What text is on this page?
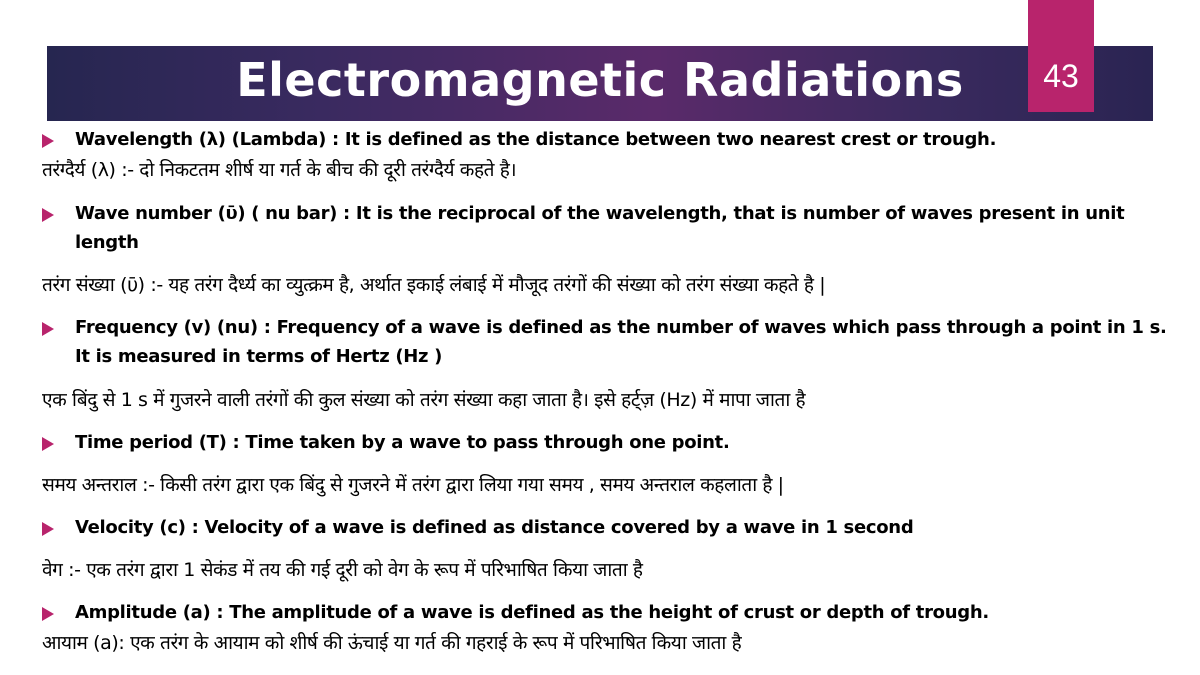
Electromagnetic Radiations	43
Wavelength (λ) (Lambda) : It is defined as the distance between two nearest crest or trough.
तरंग्दैर्य (λ) :- दो निकटतम शीर्ष या गर्त के बीच की दूरी तरंग्दैर्य कहते है।
Wave number (ῡ) ( nu bar) : It is the reciprocal of the wavelength, that is number of waves present in unit length
तरंग संख्या (ῡ) :- यह तरंग दैर्ध्य का व्युत्क्रम है, अर्थात इकाई लंबाई में मौजूद तरंगों की संख्या को तरंग संख्या कहते है |
Frequency (v) (nu) : Frequency of a wave is defined as the number of waves which pass through a point in 1 s. It is measured in terms of Hertz (Hz )
एक बिंदु से 1 s में गुजरने वाली तरंगों की कुल संख्या को तरंग संख्या कहा जाता है। इसे हर्ट्ज़ (Hz) में मापा जाता है
Time period (T) : Time taken by a wave to pass through one point.
समय अन्तराल :- किसी तरंग द्वारा एक बिंदु से गुजरने में तरंग द्वारा लिया गया समय , समय अन्तराल कहलाता है |
Velocity (c) : Velocity of a wave is defined as distance covered by a wave in 1 second
वेग :- एक तरंग द्वारा 1 सेकंड में तय की गई दूरी को वेग के रूप में परिभाषित किया जाता है
Amplitude (a) : The amplitude of a wave is defined as the height of crust or depth of trough.
आयाम (a): एक तरंग के आयाम को शीर्ष की ऊंचाई या गर्त की गहराई के रूप में परिभाषित किया जाता है
